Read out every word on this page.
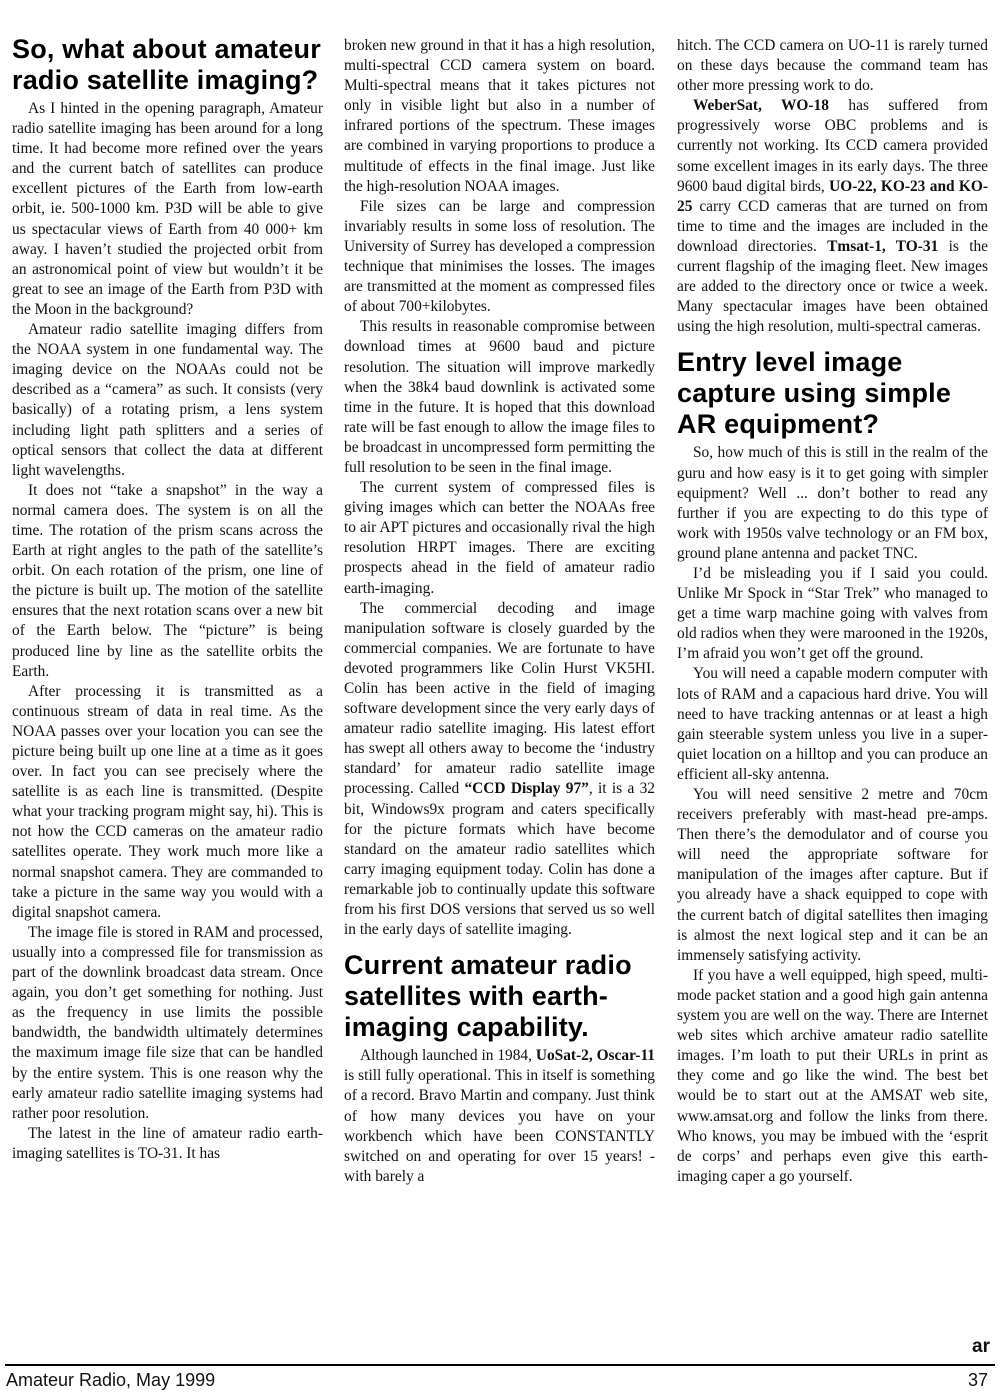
So, what about amateur radio satellite imaging?

As I hinted in the opening paragraph, Amateur radio satellite imaging has been around for a long time. It had become more refined over the years and the current batch of satellites can produce excellent pictures of the Earth from low-earth orbit, ie. 500-1000 km. P3D will be able to give us spectacular views of Earth from 40 000+ km away. I haven’t studied the projected orbit from an astronomical point of view but wouldn’t it be great to see an image of the Earth from P3D with the Moon in the background?

Amateur radio satellite imaging differs from the NOAA system in one fundamental way. The imaging device on the NOAAs could not be described as a “camera” as such. It consists (very basically) of a rotating prism, a lens system including light path splitters and a series of optical sensors that collect the data at different light wavelengths.

It does not “take a snapshot” in the way a normal camera does. The system is on all the time. The rotation of the prism scans across the Earth at right angles to the path of the satellite’s orbit. On each rotation of the prism, one line of the picture is built up. The motion of the satellite ensures that the next rotation scans over a new bit of the Earth below. The “picture” is being produced line by line as the satellite orbits the Earth.

After processing it is transmitted as a continuous stream of data in real time. As the NOAA passes over your location you can see the picture being built up one line at a time as it goes over. In fact you can see precisely where the satellite is as each line is transmitted. (Despite what your tracking program might say, hi). This is not how the CCD cameras on the amateur radio satellites operate. They work much more like a normal snapshot camera. They are commanded to take a picture in the same way you would with a digital snapshot camera.

The image file is stored in RAM and processed, usually into a compressed file for transmission as part of the downlink broadcast data stream. Once again, you don’t get something for nothing. Just as the frequency in use limits the possible bandwidth, the bandwidth ultimately determines the maximum image file size that can be handled by the entire system. This is one reason why the early amateur radio satellite imaging systems had rather poor resolution.

The latest in the line of amateur radio earth-imaging satellites is TO-31. It has

broken new ground in that it has a high resolution, multi-spectral CCD camera system on board. Multi-spectral means that it takes pictures not only in visible light but also in a number of infrared portions of the spectrum. These images are combined in varying proportions to produce a multitude of effects in the final image. Just like the high-resolution NOAA images.

File sizes can be large and compression invariably results in some loss of resolution. The University of Surrey has developed a compression technique that minimises the losses. The images are transmitted at the moment as compressed files of about 700+kilobytes.

This results in reasonable compromise between download times at 9600 baud and picture resolution. The situation will improve markedly when the 38k4 baud downlink is activated some time in the future. It is hoped that this download rate will be fast enough to allow the image files to be broadcast in uncompressed form permitting the full resolution to be seen in the final image.

The current system of compressed files is giving images which can better the NOAAs free to air APT pictures and occasionally rival the high resolution HRPT images. There are exciting prospects ahead in the field of amateur radio earth-imaging.

The commercial decoding and image manipulation software is closely guarded by the commercial companies. We are fortunate to have devoted programmers like Colin Hurst VK5HI. Colin has been active in the field of imaging software development since the very early days of amateur radio satellite imaging. His latest effort has swept all others away to become the ‘industry standard’ for amateur radio satellite image processing. Called “CCD Display 97”, it is a 32 bit, Windows9x program and caters specifically for the picture formats which have become standard on the amateur radio satellites which carry imaging equipment today. Colin has done a remarkable job to continually update this software from his first DOS versions that served us so well in the early days of satellite imaging.

Current amateur radio satellites with earth-imaging capability.

Although launched in 1984, UoSat-2, Oscar-11 is still fully operational. This in itself is something of a record. Bravo Martin and company. Just think of how many devices you have on your workbench which have been CONSTANTLY switched on and operating for over 15 years! - with barely a

hitch. The CCD camera on UO-11 is rarely turned on these days because the command team has other more pressing work to do.

WeberSat, WO-18 has suffered from progressively worse OBC problems and is currently not working. Its CCD camera provided some excellent images in its early days. The three 9600 baud digital birds, UO-22, KO-23 and KO-25 carry CCD cameras that are turned on from time to time and the images are included in the download directories. Tmsat-1, TO-31 is the current flagship of the imaging fleet. New images are added to the directory once or twice a week. Many spectacular images have been obtained using the high resolution, multi-spectral cameras.

Entry level image capture using simple AR equipment?

So, how much of this is still in the realm of the guru and how easy is it to get going with simpler equipment? Well ... don’t bother to read any further if you are expecting to do this type of work with 1950s valve technology or an FM box, ground plane antenna and packet TNC.

I’d be misleading you if I said you could. Unlike Mr Spock in “Star Trek” who managed to get a time warp machine going with valves from old radios when they were marooned in the 1920s, I’m afraid you won’t get off the ground.

You will need a capable modern computer with lots of RAM and a capacious hard drive. You will need to have tracking antennas or at least a high gain steerable system unless you live in a super-quiet location on a hilltop and you can produce an efficient all-sky antenna.

You will need sensitive 2 metre and 70cm receivers preferably with mast-head pre-amps. Then there’s the demodulator and of course you will need the appropriate software for manipulation of the images after capture. But if you already have a shack equipped to cope with the current batch of digital satellites then imaging is almost the next logical step and it can be an immensely satisfying activity.

If you have a well equipped, high speed, multi-mode packet station and a good high gain antenna system you are well on the way. There are Internet web sites which archive amateur radio satellite images. I’m loath to put their URLs in print as they come and go like the wind. The best bet would be to start out at the AMSAT web site, www.amsat.org and follow the links from there. Who knows, you may be imbued with the ‘esprit de corps’ and perhaps even give this earth-imaging caper a go yourself.

ar
Amateur Radio, May 1999	37
